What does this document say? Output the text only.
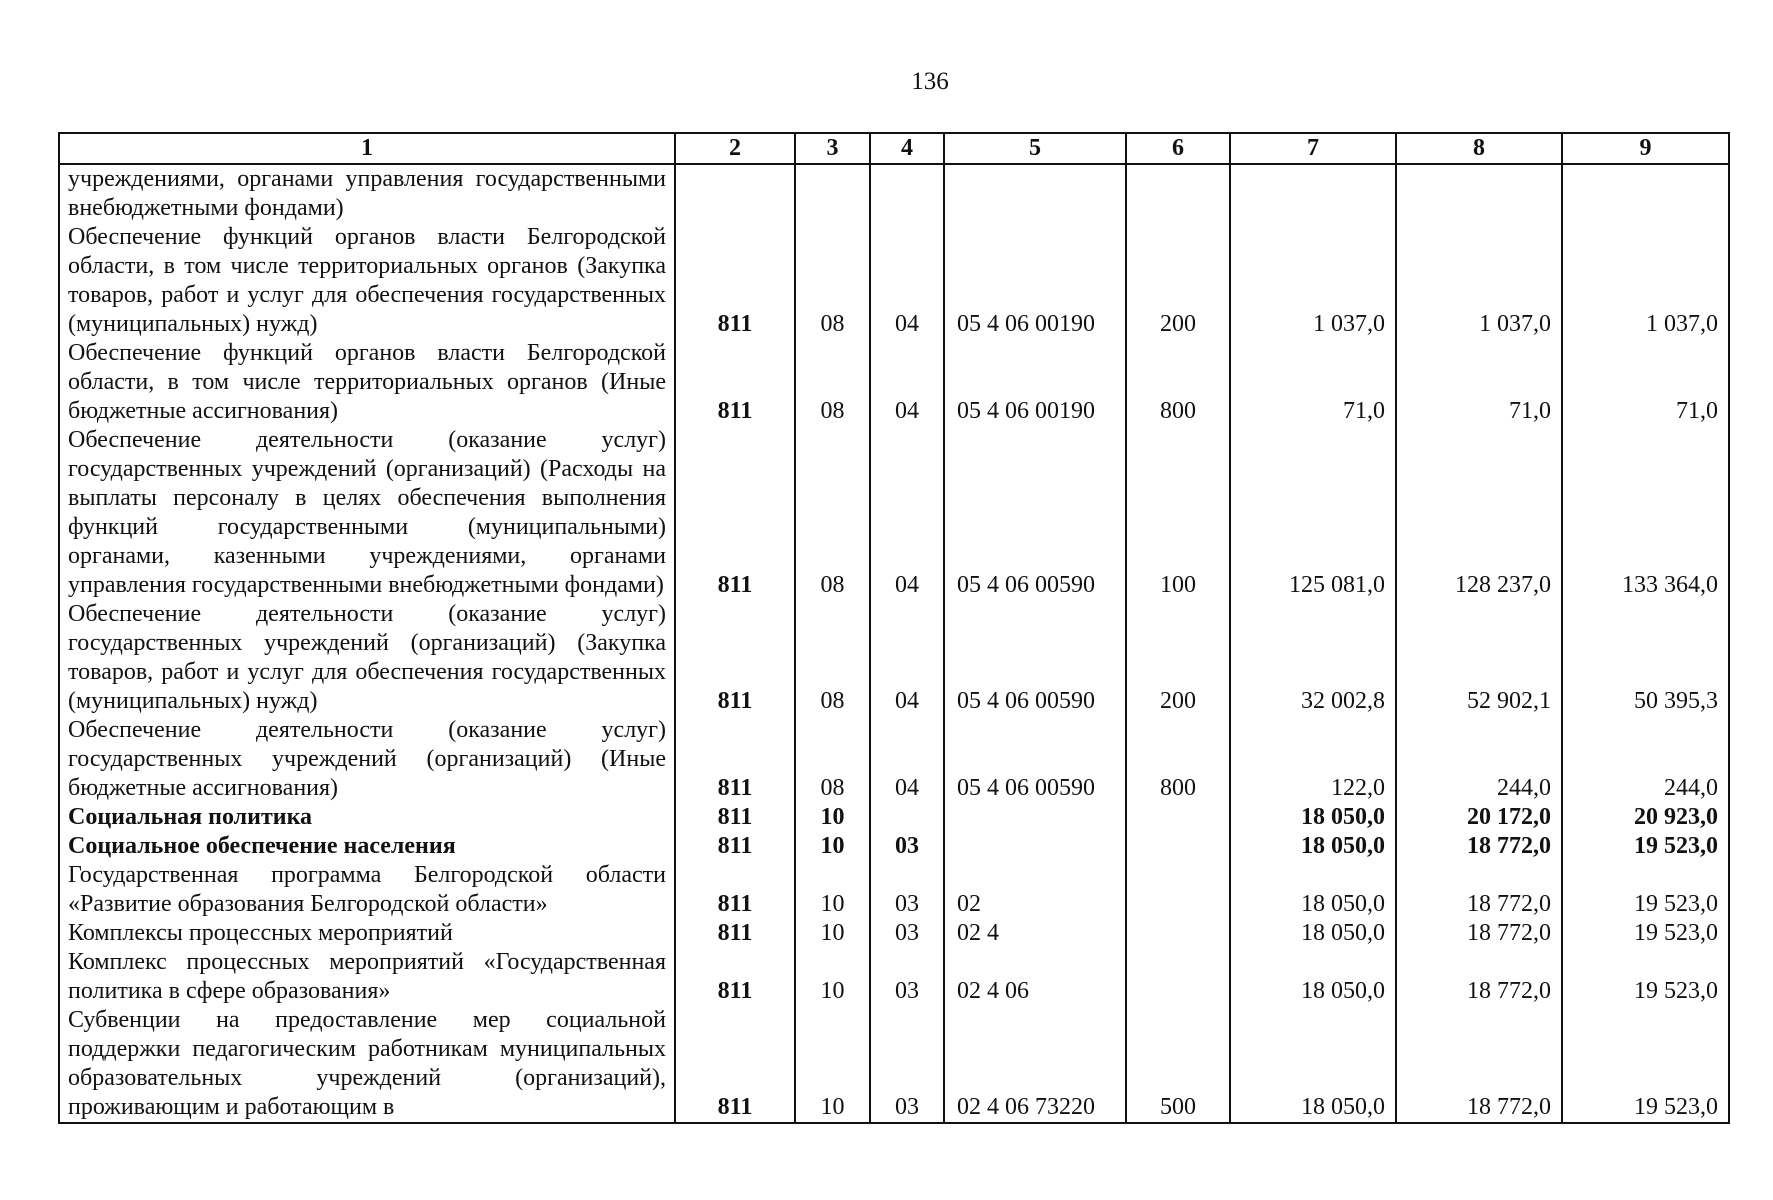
136
1	2	3	4	5	6	7	8	9
учреждениями, органами управления государственными внебюджетными фондами)								
Обеспечение функций органов власти Белгородской области, в том числе территориальных органов (Закупка товаров, работ и услуг для обеспечения государственных (муниципальных) нужд)	811	08	04	05 4 06 00190	200	1 037,0	1 037,0	1 037,0
Обеспечение функций органов власти Белгородской области, в том числе территориальных органов (Иные бюджетные ассигнования)	811	08	04	05 4 06 00190	800	71,0	71,0	71,0
Обеспечение деятельности (оказание услуг) государственных учреждений (организаций) (Расходы на выплаты персоналу в целях обеспечения выполнения функций государственными (муниципальными) органами, казенными учреждениями, органами управления государственными внебюджетными фондами)	811	08	04	05 4 06 00590	100	125 081,0	128 237,0	133 364,0
Обеспечение деятельности (оказание услуг) государственных учреждений (организаций) (Закупка товаров, работ и услуг для обеспечения государственных (муниципальных) нужд)	811	08	04	05 4 06 00590	200	32 002,8	52 902,1	50 395,3
Обеспечение деятельности (оказание услуг) государственных учреждений (организаций) (Иные бюджетные ассигнования)	811	08	04	05 4 06 00590	800	122,0	244,0	244,0
Социальная политика	811	10				18 050,0	20 172,0	20 923,0
Социальное обеспечение населения	811	10	03			18 050,0	18 772,0	19 523,0
Государственная программа Белгородской области «Развитие образования Белгородской области»	811	10	03	02		18 050,0	18 772,0	19 523,0
Комплексы процессных мероприятий	811	10	03	02 4		18 050,0	18 772,0	19 523,0
Комплекс процессных мероприятий «Государственная политика в сфере образования»	811	10	03	02 4 06		18 050,0	18 772,0	19 523,0
Субвенции на предоставление мер социальной поддержки педагогическим работникам муниципальных образовательных учреждений (организаций), проживающим и работающим в	811	10	03	02 4 06 73220	500	18 050,0	18 772,0	19 523,0
